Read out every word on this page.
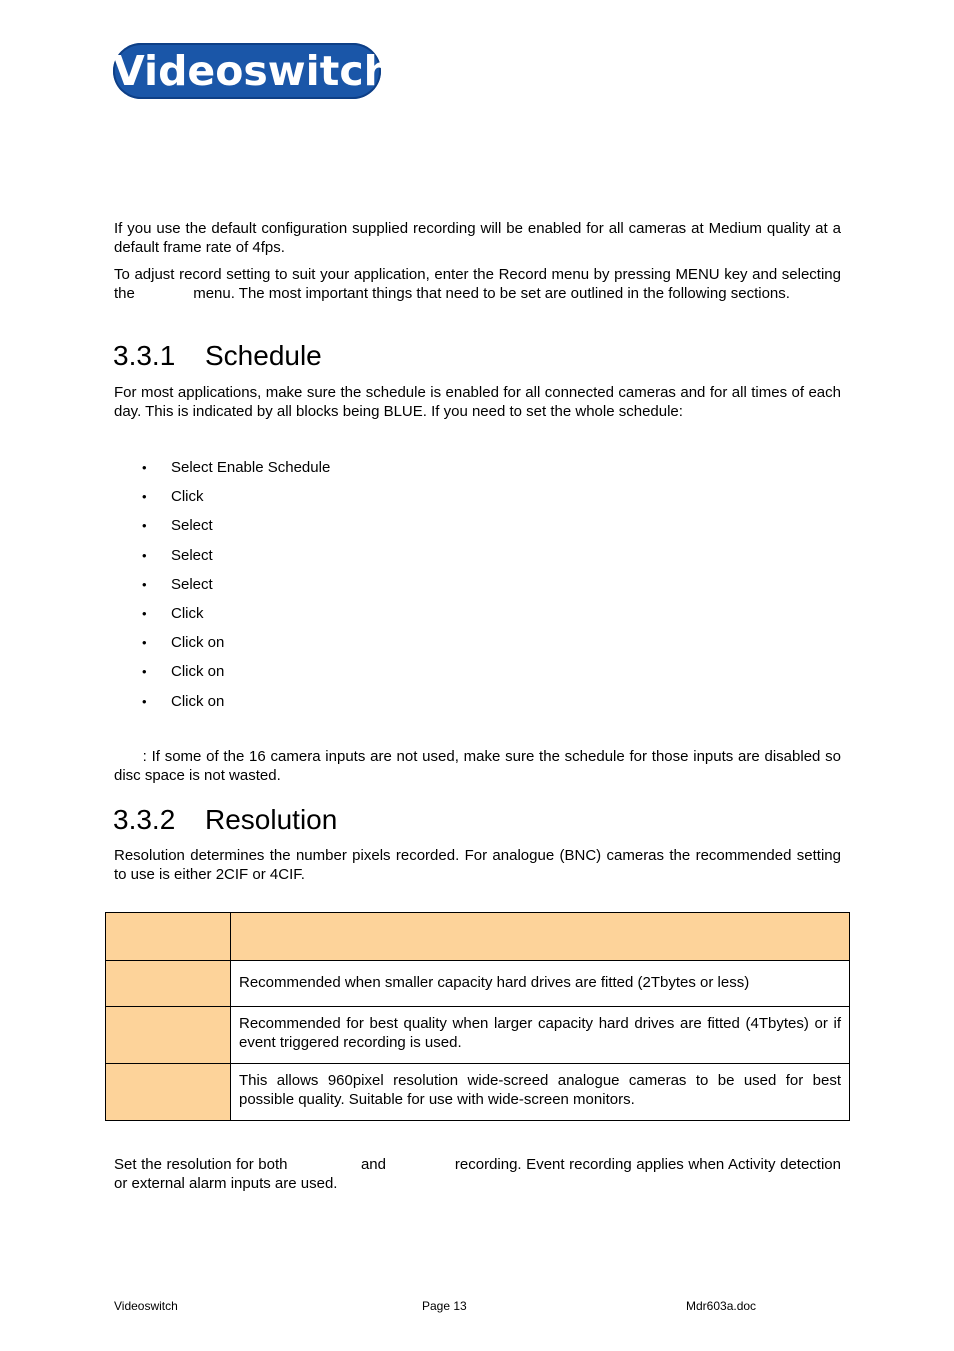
Videoswitch

If you use the default configuration supplied recording will be enabled for all cameras at Medium quality at a default frame rate of 4fps.

To adjust record setting to suit your application, enter the Record menu by pressing MENU key and selecting the              menu. The most important things that need to be set are outlined in the following sections.

3.3.1 Schedule

For most applications, make sure the schedule is enabled for all connected cameras and for all times of each day. This is indicated by all blocks being BLUE. If you need to set the whole schedule:

• Select Enable Schedule
• Click
• Select
• Select
• Select
• Click
• Click on
• Click on
• Click on

: If some of the 16 camera inputs are not used, make sure the schedule for those inputs are disabled so disc space is not wasted.

3.3.2 Resolution

Resolution determines the number pixels recorded. For analogue (BNC) cameras the recommended setting to use is either 2CIF or 4CIF.

	Recommended when smaller capacity hard drives are fitted (2Tbytes or less)
	Recommended for best quality when larger capacity hard drives are fitted (4Tbytes) or if event triggered recording is used.
	This allows 960pixel resolution wide-screed analogue cameras to be used for best possible quality. Suitable for use with wide-screen monitors.

Set the resolution for both                and               recording. Event recording applies when Activity detection or external alarm inputs are used.

Videoswitch	Page 13	Mdr603a.doc
